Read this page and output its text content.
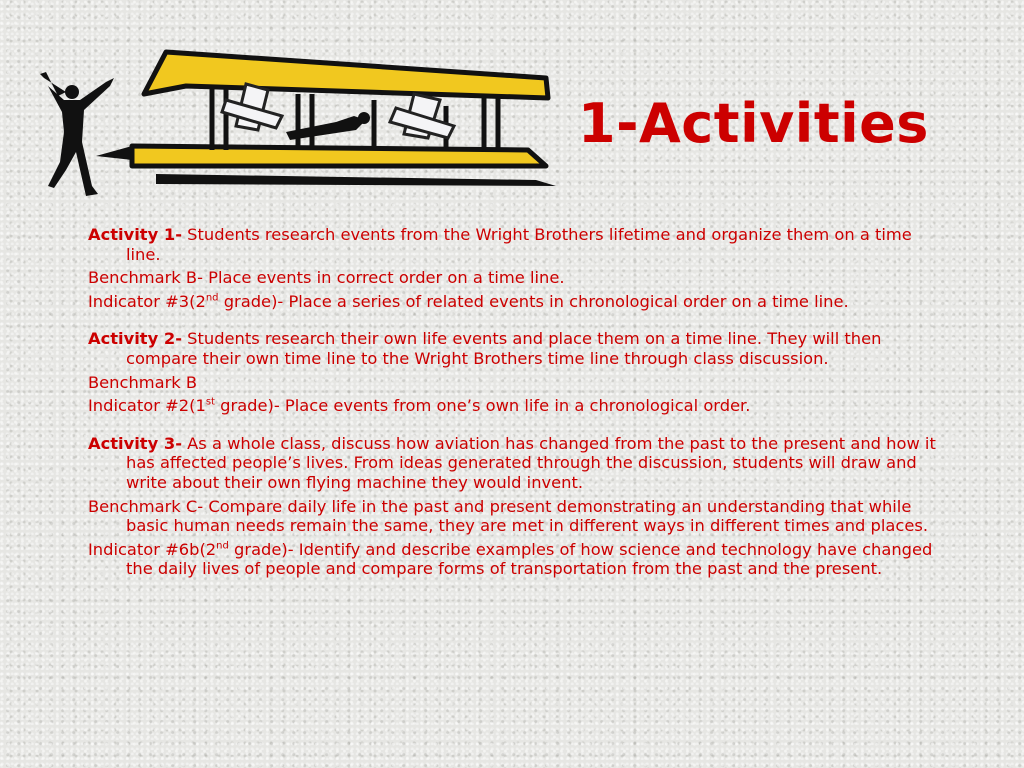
1-Activities

Activity 1- Students research events from the Wright Brothers lifetime and organize them on a time line.

Benchmark B- Place events in correct order on a time line.

Indicator #3(2nd grade)- Place a series of related events in chronological order on a time line.

Activity 2- Students research their own life events and place them on a time line. They will then compare their own time line to the Wright Brothers time line through class discussion.

Benchmark B

Indicator #2(1st grade)- Place events from one’s own life in a chronological order.

Activity 3- As a whole class, discuss how aviation has changed from the past to the present and how it has affected people’s lives. From ideas generated through the discussion, students will draw and write about their own flying machine they would invent.

Benchmark C- Compare daily life in the past and present demonstrating an understanding that while basic human needs remain the same, they are met in different ways in different times and places.

Indicator #6b(2nd grade)- Identify and describe examples of how science and technology have changed the daily lives of people and compare forms of transportation from the past and the present.
